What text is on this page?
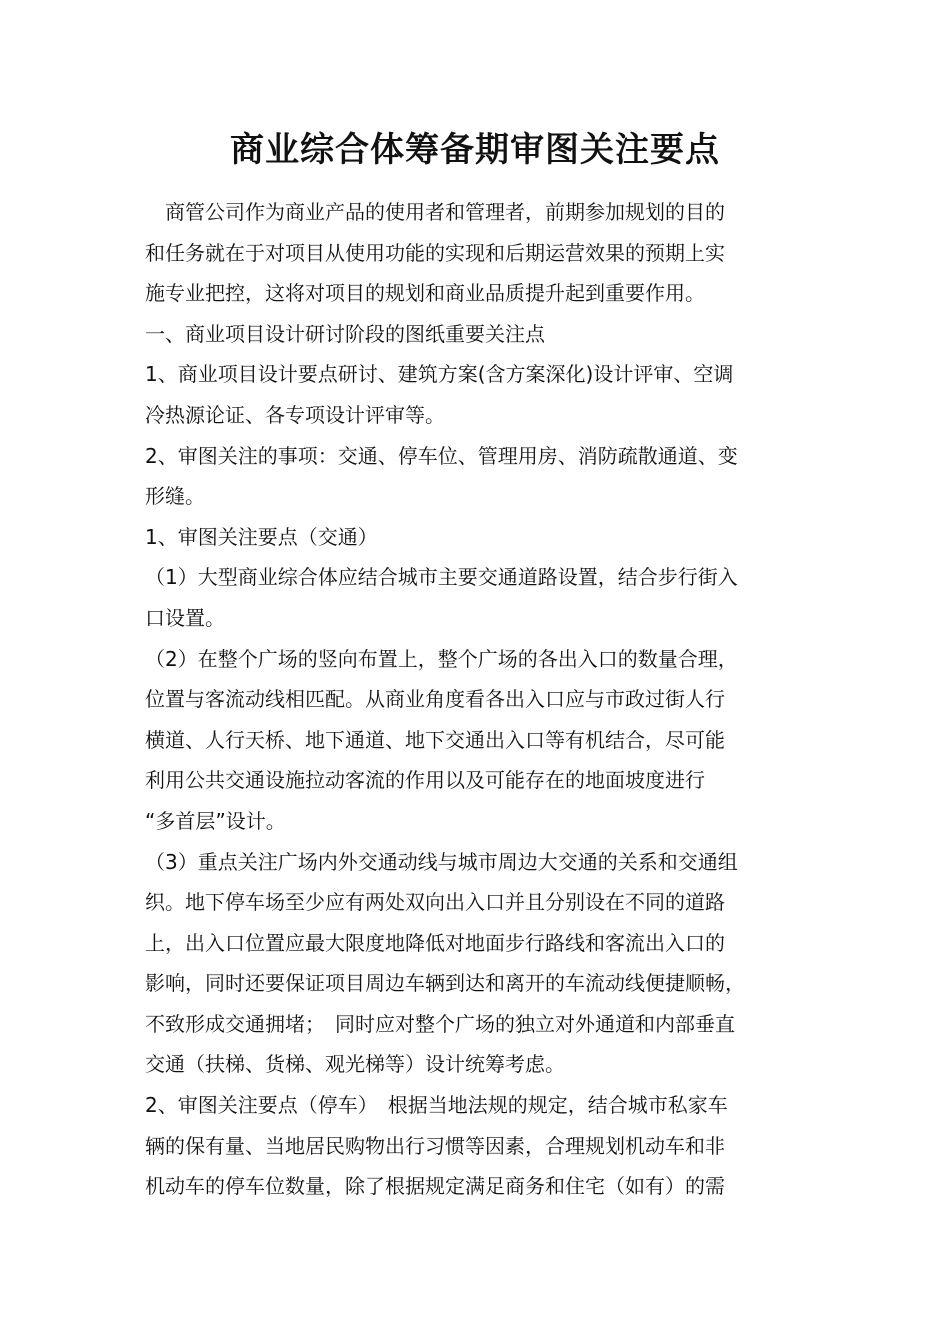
商业综合体筹备期审图关注要点
　商管公司作为商业产品的使用者和管理者，前期参加规划的目的
和任务就在于对项目从使用功能的实现和后期运营效果的预期上实
施专业把控，这将对项目的规划和商业品质提升起到重要作用。
一、商业项目设计研讨阶段的图纸重要关注点
1、商业项目设计要点研讨、建筑方案(含方案深化)设计评审、空调
冷热源论证、各专项设计评审等。
2、审图关注的事项：交通、停车位、管理用房、消防疏散通道、变
形缝。
1、审图关注要点（交通）
（1）大型商业综合体应结合城市主要交通道路设置，结合步行街入
口设置。
（2）在整个广场的竖向布置上，整个广场的各出入口的数量合理，
位置与客流动线相匹配。从商业角度看各出入口应与市政过街人行
横道、人行天桥、地下通道、地下交通出入口等有机结合，尽可能
利用公共交通设施拉动客流的作用以及可能存在的地面坡度进行
“多首层”设计。
（3）重点关注广场内外交通动线与城市周边大交通的关系和交通组
织。地下停车场至少应有两处双向出入口并且分别设在不同的道路
上，出入口位置应最大限度地降低对地面步行路线和客流出入口的
影响，同时还要保证项目周边车辆到达和离开的车流动线便捷顺畅，
不致形成交通拥堵；　同时应对整个广场的独立对外通道和内部垂直
交通（扶梯、货梯、观光梯等）设计统筹考虑。
2、审图关注要点（停车）　根据当地法规的规定，结合城市私家车
辆的保有量、当地居民购物出行习惯等因素，合理规划机动车和非
机动车的停车位数量，除了根据规定满足商务和住宅（如有）的需
